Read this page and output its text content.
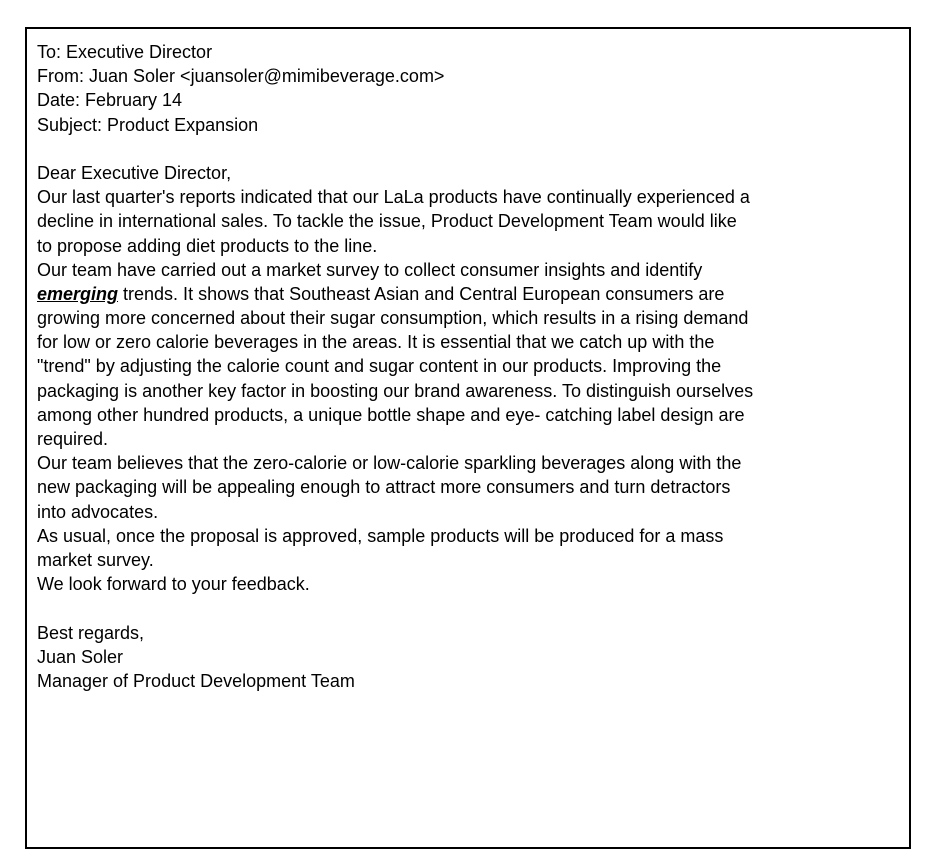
To: Executive Director
From: Juan Soler <juansoler@mimibeverage.com>
Date: February 14
Subject: Product Expansion
Dear Executive Director,
Our last quarter's reports indicated that our LaLa products have continually experienced a
decline in international sales. To tackle the issue, Product Development Team would like
to propose adding diet products to the line.
Our team have carried out a market survey to collect consumer insights and identify
emerging trends. It shows that Southeast Asian and Central European consumers are
growing more concerned about their sugar consumption, which results in a rising demand
for low or zero calorie beverages in the areas. It is essential that we catch up with the
"trend" by adjusting the calorie count and sugar content in our products. Improving the
packaging is another key factor in boosting our brand awareness. To distinguish ourselves
among other hundred products, a unique bottle shape and eye- catching label design are
required.
Our team believes that the zero-calorie or low-calorie sparkling beverages along with the
new packaging will be appealing enough to attract more consumers and turn detractors
into advocates.
As usual, once the proposal is approved, sample products will be produced for a mass
market survey.
We look forward to your feedback.
Best regards,
Juan Soler
Manager of Product Development Team
